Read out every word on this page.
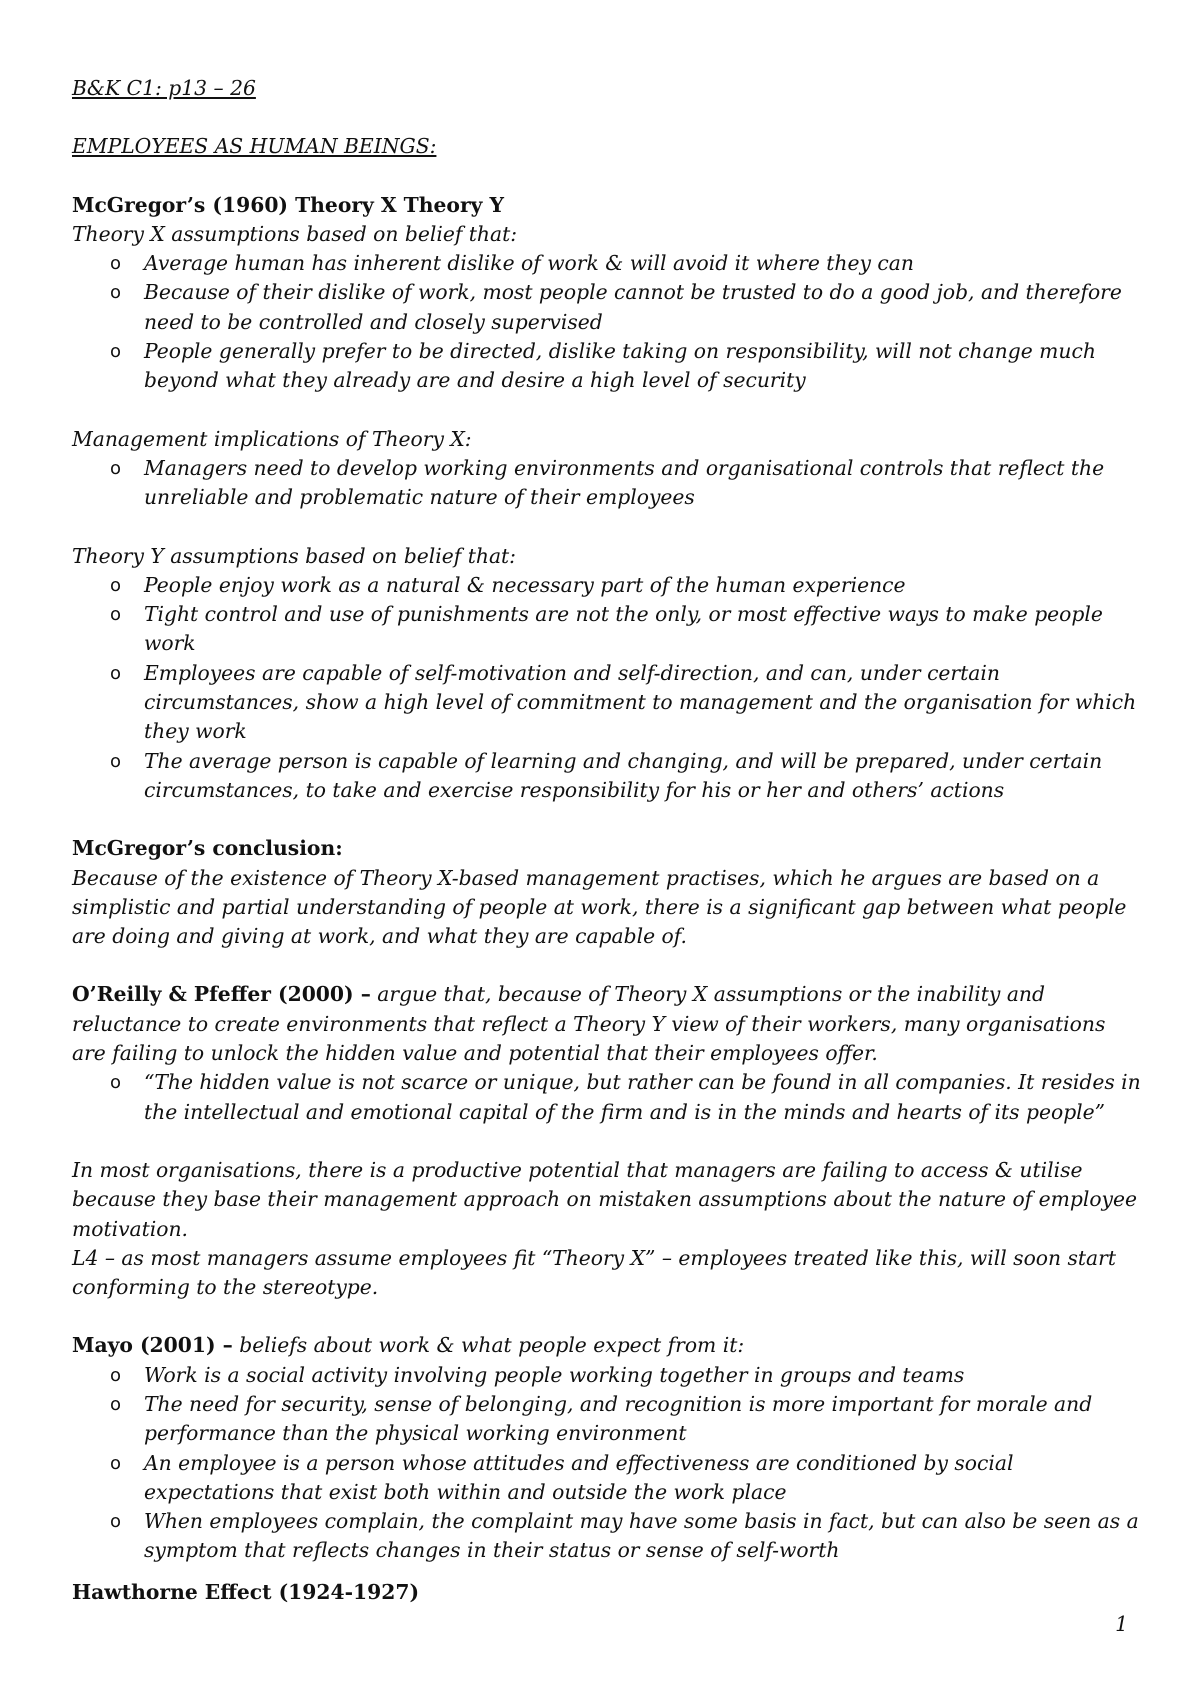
B&K C1: p13 – 26
EMPLOYEES AS HUMAN BEINGS:
McGregor’s (1960) Theory X Theory Y
Theory X assumptions based on belief that:
o Average human has inherent dislike of work & will avoid it where they can
o Because of their dislike of work, most people cannot be trusted to do a good job, and therefore need to be controlled and closely supervised
o People generally prefer to be directed, dislike taking on responsibility, will not change much beyond what they already are and desire a high level of security
Management implications of Theory X:
o Managers need to develop working environments and organisational controls that reflect the unreliable and problematic nature of their employees
Theory Y assumptions based on belief that:
o People enjoy work as a natural & necessary part of the human experience
o Tight control and use of punishments are not the only, or most effective ways to make people work
o Employees are capable of self-motivation and self-direction, and can, under certain circumstances, show a high level of commitment to management and the organisation for which they work
o The average person is capable of learning and changing, and will be prepared, under certain circumstances, to take and exercise responsibility for his or her and others’ actions
McGregor’s conclusion:
Because of the existence of Theory X-based management practises, which he argues are based on a simplistic and partial understanding of people at work, there is a significant gap between what people are doing and giving at work, and what they are capable of.
O’Reilly & Pfeffer (2000) – argue that, because of Theory X assumptions or the inability and reluctance to create environments that reflect a Theory Y view of their workers, many organisations are failing to unlock the hidden value and potential that their employees offer.
o “The hidden value is not scarce or unique, but rather can be found in all companies. It resides in the intellectual and emotional capital of the firm and is in the minds and hearts of its people”
In most organisations, there is a productive potential that managers are failing to access & utilise because they base their management approach on mistaken assumptions about the nature of employee motivation.
L4 – as most managers assume employees fit “Theory X” – employees treated like this, will soon start conforming to the stereotype.
Mayo (2001) – beliefs about work & what people expect from it:
o Work is a social activity involving people working together in groups and teams
o The need for security, sense of belonging, and recognition is more important for morale and performance than the physical working environment
o An employee is a person whose attitudes and effectiveness are conditioned by social expectations that exist both within and outside the work place
o When employees complain, the complaint may have some basis in fact, but can also be seen as a symptom that reflects changes in their status or sense of self-worth
Hawthorne Effect (1924-1927)
1
